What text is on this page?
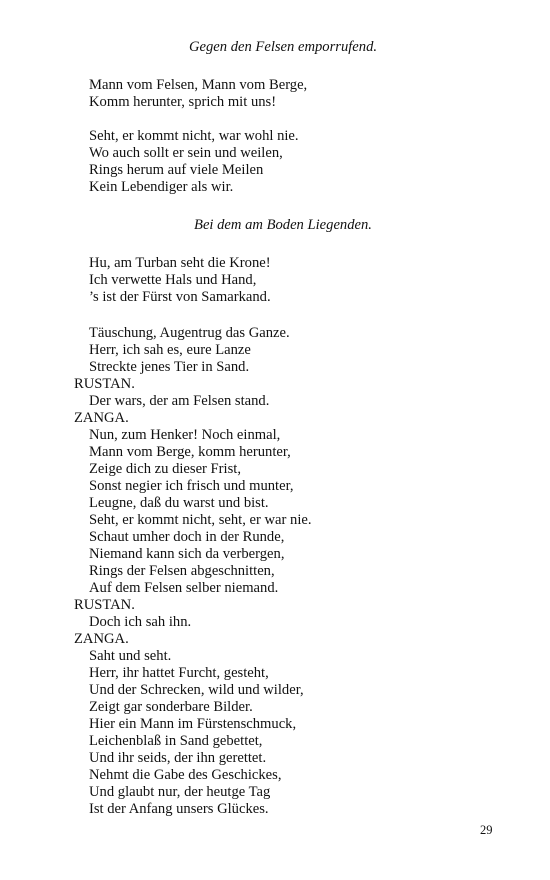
Gegen den Felsen emporrufend.
Mann vom Felsen, Mann vom Berge,
Komm herunter, sprich mit uns!
Seht, er kommt nicht, war wohl nie.
Wo auch sollt er sein und weilen,
Rings herum auf viele Meilen
Kein Lebendiger als wir.
Bei dem am Boden Liegenden.
Hu, am Turban seht die Krone!
Ich verwette Hals und Hand,
’s ist der Fürst von Samarkand.
Täuschung, Augentrug das Ganze.
Herr, ich sah es, eure Lanze
Streckte jenes Tier in Sand.
RUSTAN.
Der wars, der am Felsen stand.
ZANGA.
Nun, zum Henker! Noch einmal,
Mann vom Berge, komm herunter,
Zeige dich zu dieser Frist,
Sonst negier ich frisch und munter,
Leugne, daß du warst und bist.
Seht, er kommt nicht, seht, er war nie.
Schaut umher doch in der Runde,
Niemand kann sich da verbergen,
Rings der Felsen abgeschnitten,
Auf dem Felsen selber niemand.
RUSTAN.
Doch ich sah ihn.
ZANGA.
Saht und seht.
Herr, ihr hattet Furcht, gesteht,
Und der Schrecken, wild und wilder,
Zeigt gar sonderbare Bilder.
Hier ein Mann im Fürstenschmuck,
Leichenblaß in Sand gebettet,
Und ihr seids, der ihn gerettet.
Nehmt die Gabe des Geschickes,
Und glaubt nur, der heutge Tag
Ist der Anfang unsers Glückes.
29
